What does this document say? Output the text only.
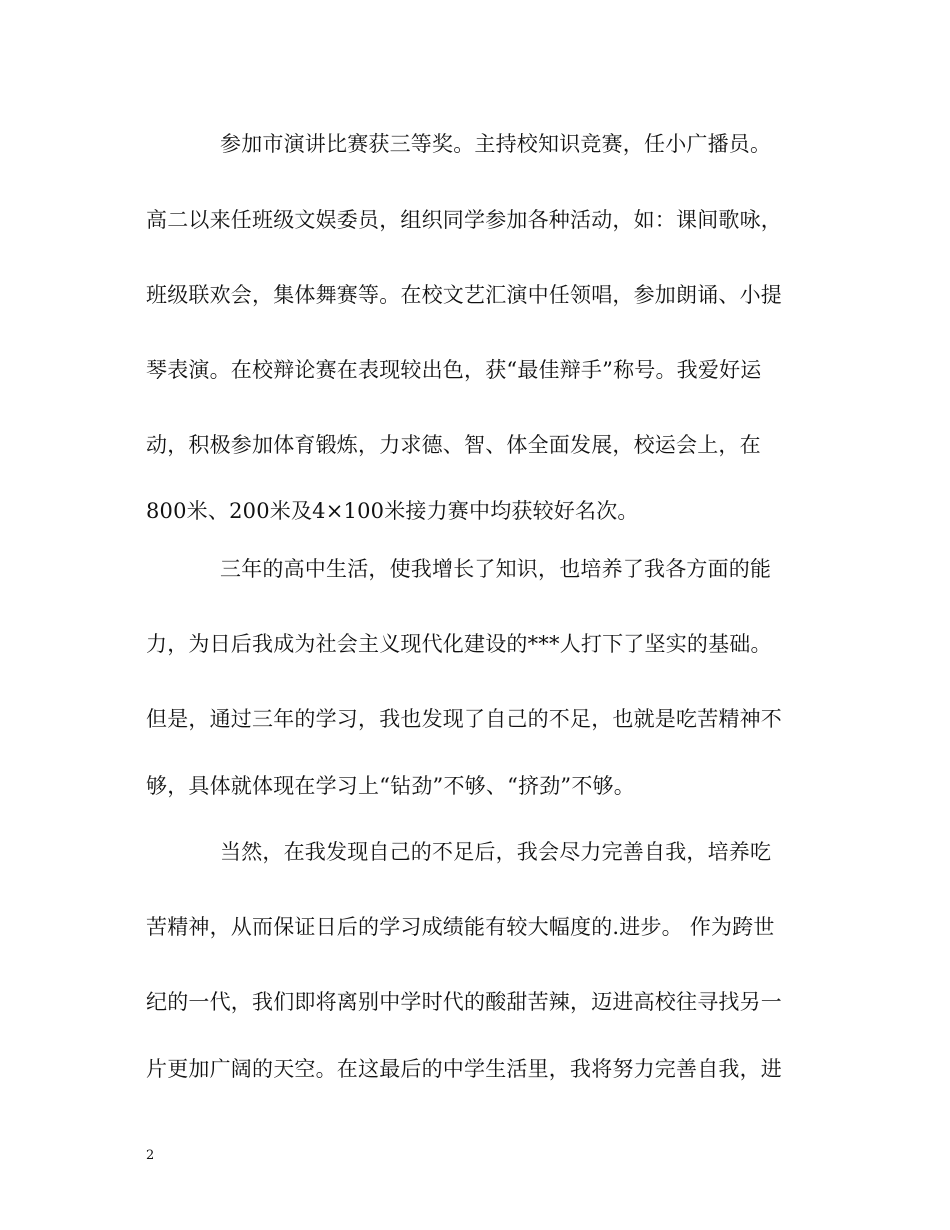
参加市演讲比赛获三等奖。主持校知识竞赛，任小广播员。
高二以来任班级文娱委员，组织同学参加各种活动，如：课间歌咏，
班级联欢会，集体舞赛等。在校文艺汇演中任领唱，参加朗诵、小提
琴表演。在校辩论赛在表现较出色，获“最佳辩手”称号。我爱好运
动，积极参加体育锻炼，力求德、智、体全面发展，校运会上，在
800米、200米及4×100米接力赛中均获较好名次。
三年的高中生活，使我增长了知识，也培养了我各方面的能
力，为日后我成为社会主义现代化建设的***人打下了坚实的基础。
但是，通过三年的学习，我也发现了自己的不足，也就是吃苦精神不
够，具体就体现在学习上“钻劲”不够、“挤劲”不够。
当然，在我发现自己的不足后，我会尽力完善自我，培养吃
苦精神，从而保证日后的学习成绩能有较大幅度的.进步。 作为跨世
纪的一代，我们即将离别中学时代的酸甜苦辣，迈进高校往寻找另一
片更加广阔的天空。在这最后的中学生活里，我将努力完善自我，进
2
